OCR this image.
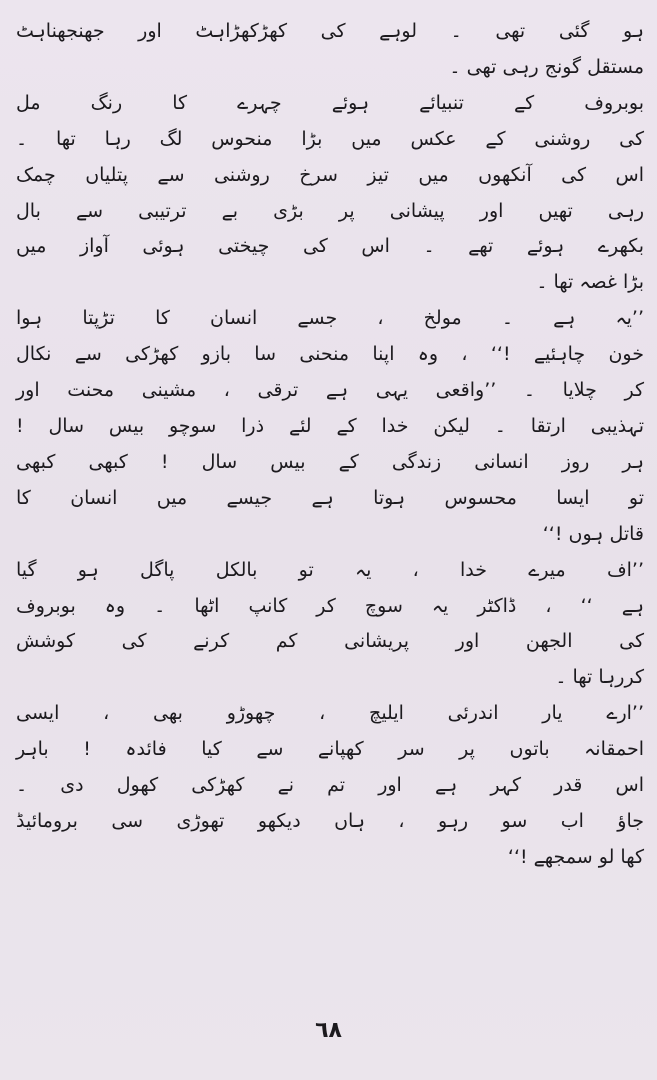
ہو گئی تھی ۔ لوہے کی کھڑکھڑاہٹ اور جھنجھناہٹ
مستقل گونج رہی تھی ۔
بوبروف کے تنبیائے ہوئے چہرے کا رنگ مل
کی روشنی کے عکس میں بڑا منحوس لگ رہا تھا ۔
اس کی آنکھوں میں تیز سرخ روشنی سے پتلیاں چمک
رہی تھیں اور پیشانی پر بڑی بے ترتیبی سے بال
بکھرے ہوئے تھے ۔ اس کی چیختی ہوئی آواز میں
بڑا غصہ تھا ۔
’’یہ ہے ۔ مولخ ، جسے انسان کا تڑپتا ہوا
خون چاہئیے !‘‘ ، وہ اپنا منحنی سا بازو کھڑکی سے نکال
کر چلایا ۔ ’’واقعی یہی ہے ترقی ، مشینی محنت اور
تہذیبی ارتقا ۔ لیکن خدا کے لئے ذرا سوچو بیس سال !
ہر روز انسانی زندگی کے بیس سال ! کبھی کبھی
تو ایسا محسوس ہوتا ہے جیسے میں انسان کا
قاتل ہوں !‘‘
’’اف میرے خدا ، یہ تو بالکل پاگل ہو گیا
ہے ‘‘ ، ڈاکٹر یہ سوچ کر کانپ اٹھا ۔ وہ بوبروف
کی الجھن اور پریشانی کم کرنے کی کوشش
کررہا تھا ۔
’’ارے یار اندرئی ایلیچ ، چھوڑو بھی ، ایسی
احمقانہ باتوں پر سر کھپانے سے کیا فائدہ ! باہر
اس قدر کہر ہے اور تم نے کھڑکی کھول دی ۔
جاؤ اب سو رہو ، ہاں دیکھو تھوڑی سی برومائیڈ
کھا لو سمجھے !‘‘
٦٨
